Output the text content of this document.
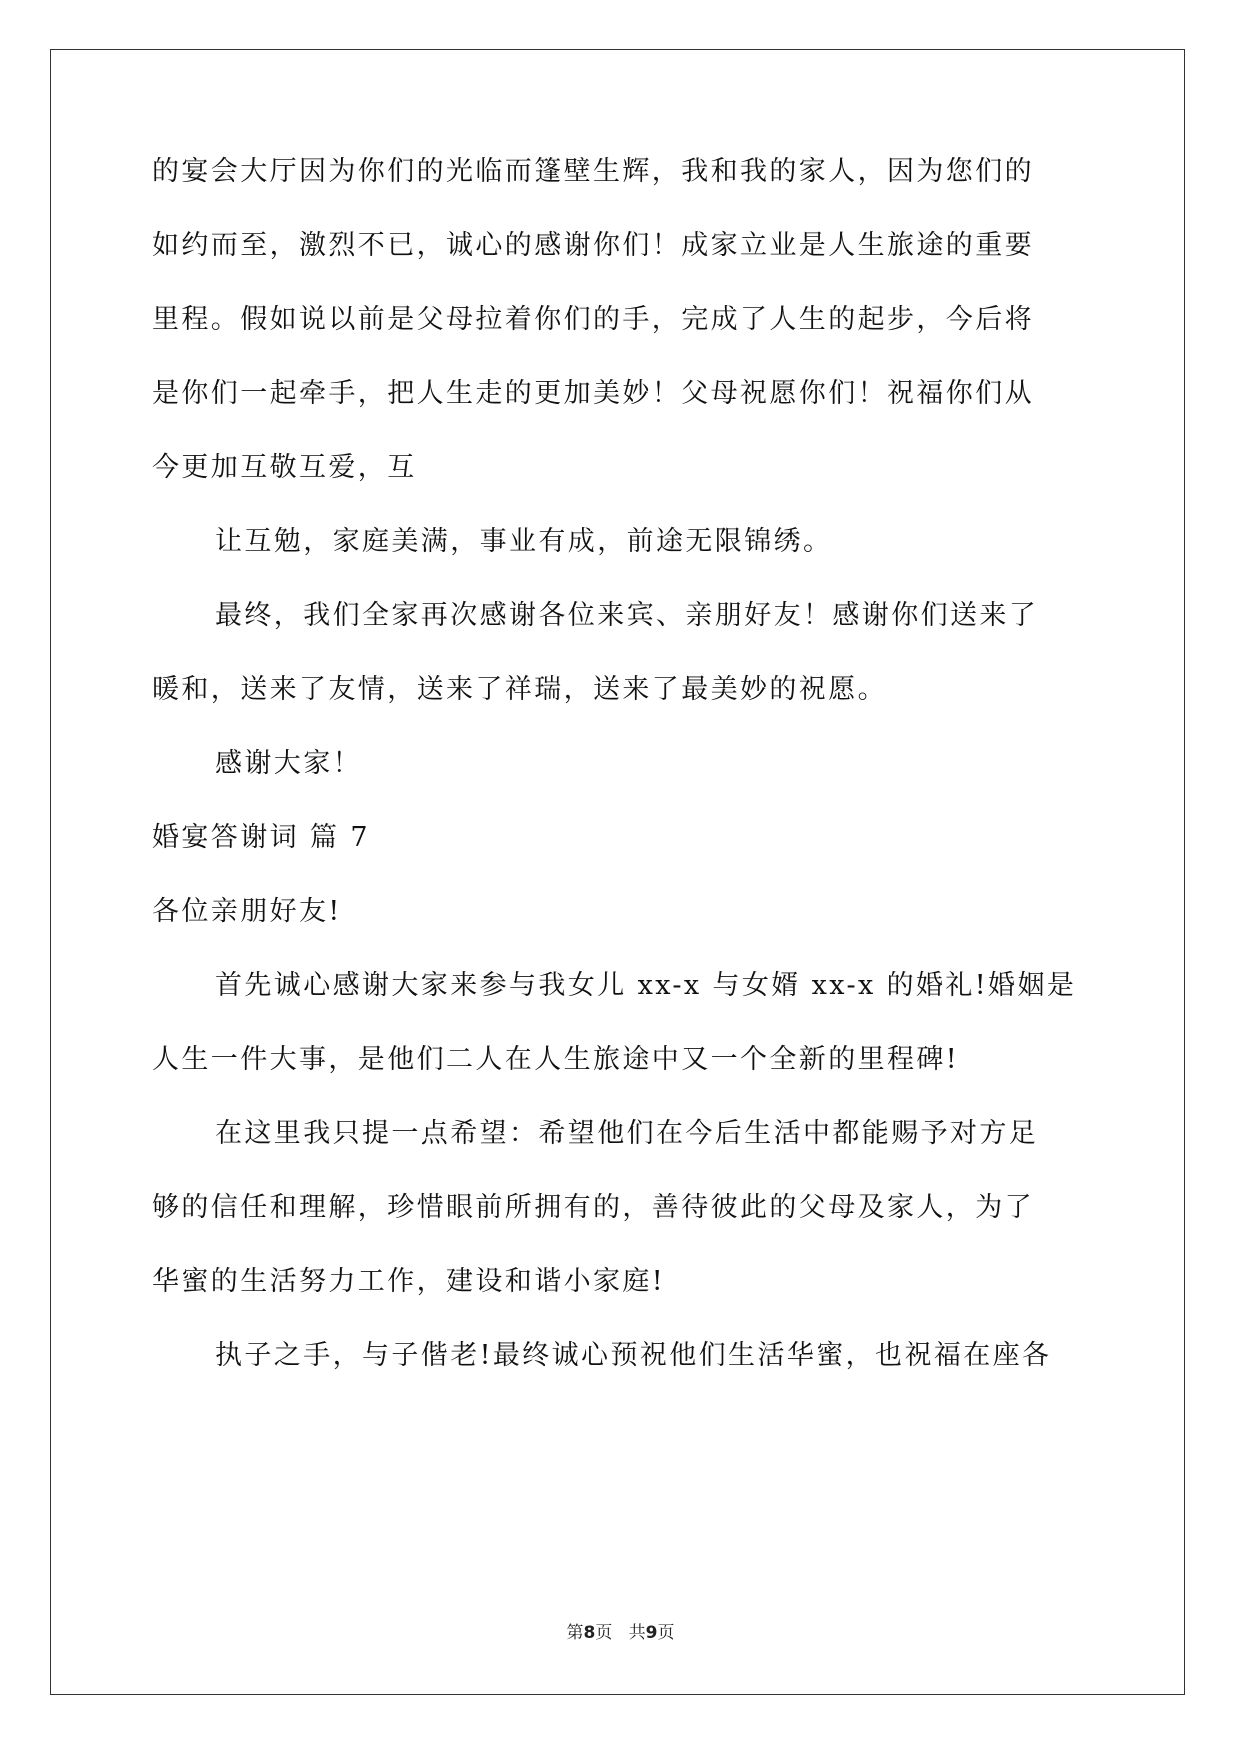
的宴会大厅因为你们的光临而篷壁生辉，我和我的家人，因为您们的
如约而至，激烈不已，诚心的感谢你们！成家立业是人生旅途的重要
里程。假如说以前是父母拉着你们的手，完成了人生的起步，今后将
是你们一起牵手，把人生走的更加美妙！父母祝愿你们！祝福你们从
今更加互敬互爱，互
让互勉，家庭美满，事业有成，前途无限锦绣。
最终，我们全家再次感谢各位来宾、亲朋好友！感谢你们送来了
暖和，送来了友情，送来了祥瑞，送来了最美妙的祝愿。
感谢大家！
婚宴答谢词 篇 7
各位亲朋好友!
首先诚心感谢大家来参与我女儿 xx-x 与女婿 xx-x 的婚礼!婚姻是
人生一件大事，是他们二人在人生旅途中又一个全新的里程碑!
在这里我只提一点希望：希望他们在今后生活中都能赐予对方足
够的信任和理解，珍惜眼前所拥有的，善待彼此的父母及家人，为了
华蜜的生活努力工作，建设和谐小家庭!
执子之手，与子偕老!最终诚心预祝他们生活华蜜，也祝福在座各
第8页 共9页
